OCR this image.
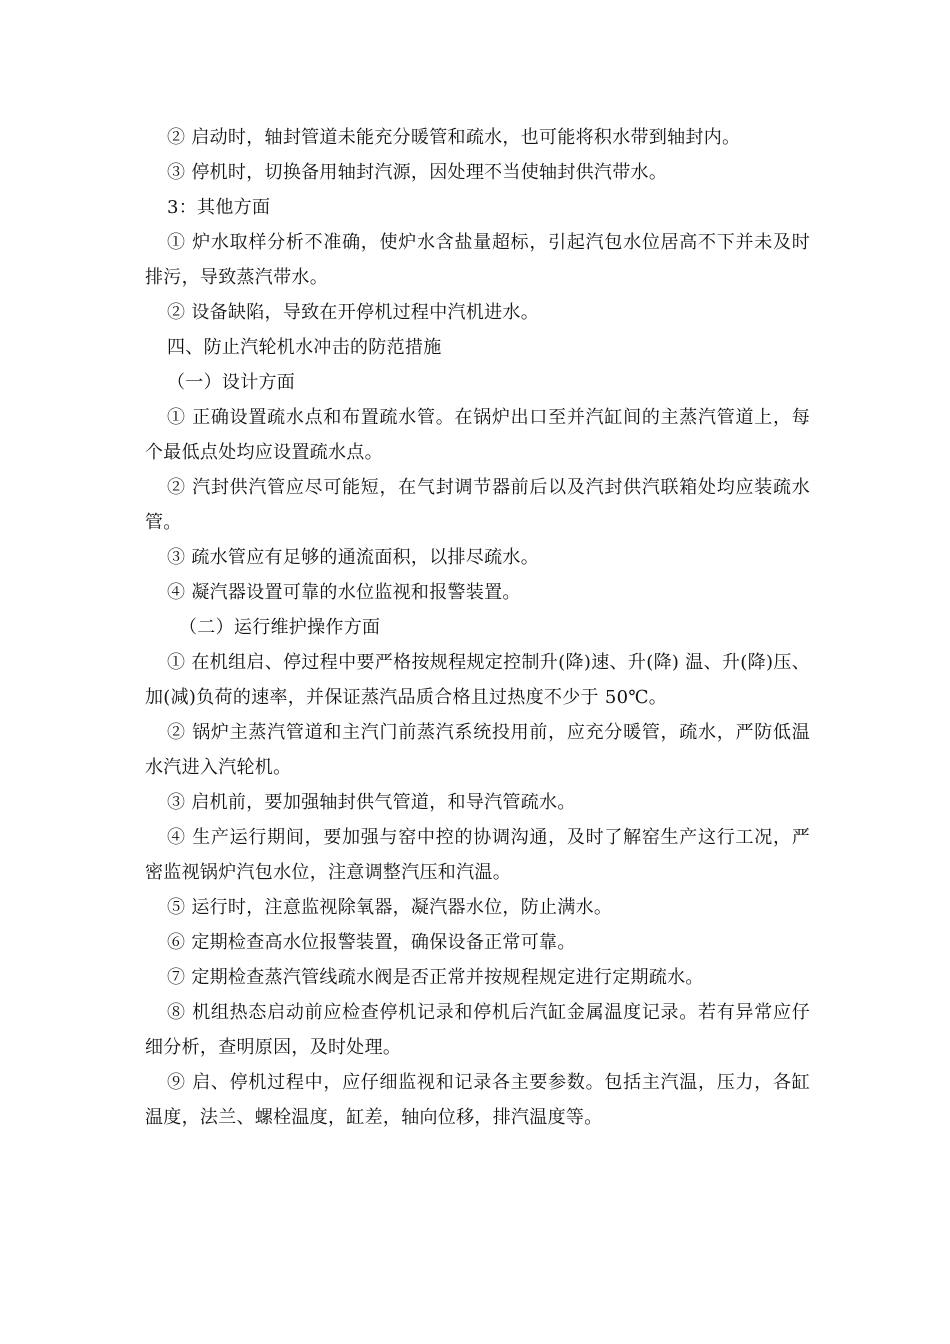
② 启动时，轴封管道未能充分暖管和疏水，也可能将积水带到轴封内。

③ 停机时，切换备用轴封汽源，因处理不当使轴封供汽带水。

3：其他方面

① 炉水取样分析不准确，使炉水含盐量超标，引起汽包水位居高不下并未及时排污，导致蒸汽带水。

② 设备缺陷，导致在开停机过程中汽机进水。

四、防止汽轮机水冲击的防范措施

（一）设计方面

① 正确设置疏水点和布置疏水管。在锅炉出口至并汽缸间的主蒸汽管道上，每个最低点处均应设置疏水点。

② 汽封供汽管应尽可能短，在气封调节器前后以及汽封供汽联箱处均应装疏水管。

③ 疏水管应有足够的通流面积，以排尽疏水。

④ 凝汽器设置可靠的水位监视和报警装置。

（二）运行维护操作方面

① 在机组启、停过程中要严格按规程规定控制升(降)速、升(降) 温、升(降)压、加(减)负荷的速率，并保证蒸汽品质合格且过热度不少于 50℃。

② 锅炉主蒸汽管道和主汽门前蒸汽系统投用前，应充分暖管，疏水，严防低温水汽进入汽轮机。

③ 启机前，要加强轴封供气管道，和导汽管疏水。

④ 生产运行期间，要加强与窑中控的协调沟通，及时了解窑生产这行工况，严密监视锅炉汽包水位，注意调整汽压和汽温。

⑤ 运行时，注意监视除氧器，凝汽器水位，防止满水。

⑥ 定期检查高水位报警装置，确保设备正常可靠。

⑦ 定期检查蒸汽管线疏水阀是否正常并按规程规定进行定期疏水。

⑧ 机组热态启动前应检查停机记录和停机后汽缸金属温度记录。若有异常应仔细分析，查明原因，及时处理。

⑨ 启、停机过程中，应仔细监视和记录各主要参数。包括主汽温，压力，各缸温度，法兰、螺栓温度，缸差，轴向位移，排汽温度等。
